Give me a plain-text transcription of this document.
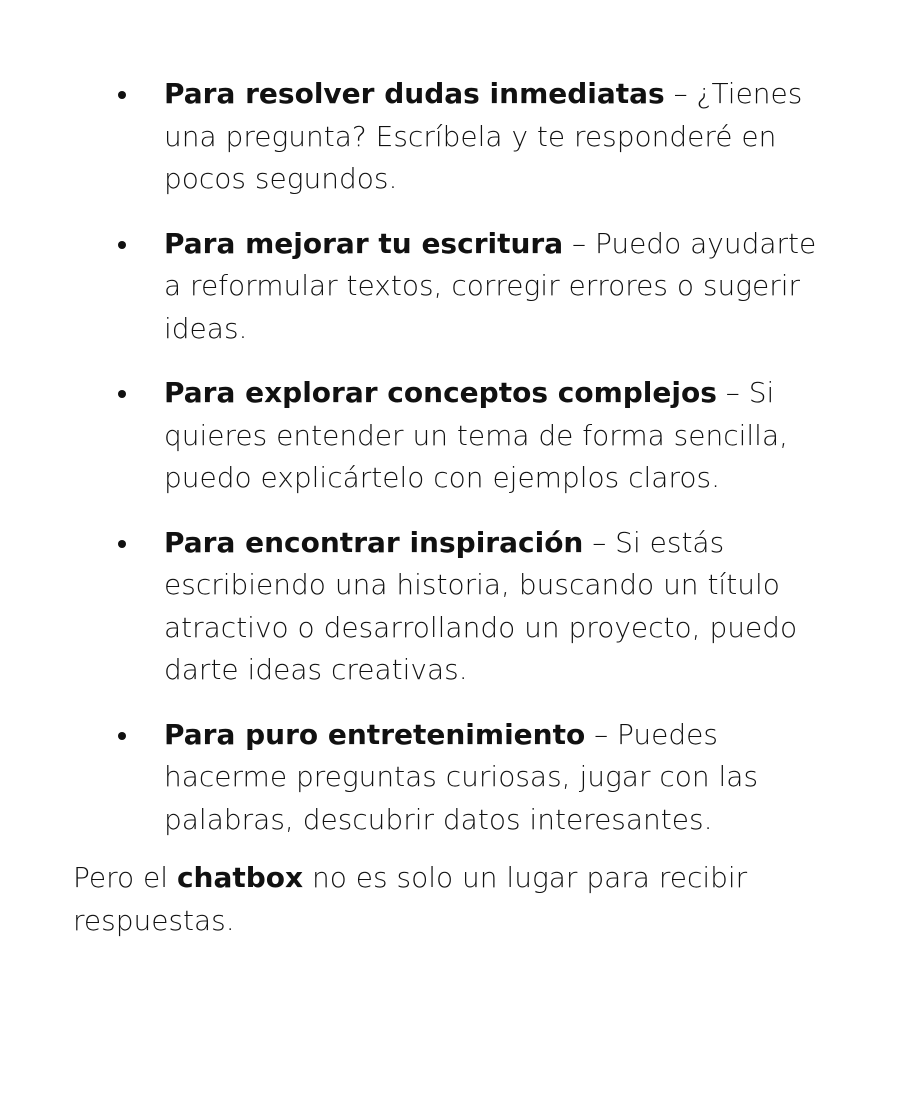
Para resolver dudas inmediatas – ¿Tienes una pregunta? Escríbela y te responderé en pocos segundos.
Para mejorar tu escritura – Puedo ayudarte a reformular textos, corregir errores o sugerir ideas.
Para explorar conceptos complejos – Si quieres entender un tema de forma sencilla, puedo explicártelo con ejemplos claros.
Para encontrar inspiración – Si estás escribiendo una historia, buscando un título atractivo o desarrollando un proyecto, puedo darte ideas creativas.
Para puro entretenimiento – Puedes hacerme preguntas curiosas, jugar con las palabras, descubrir datos interesantes.

Pero el chatbox no es solo un lugar para recibir respuestas.
